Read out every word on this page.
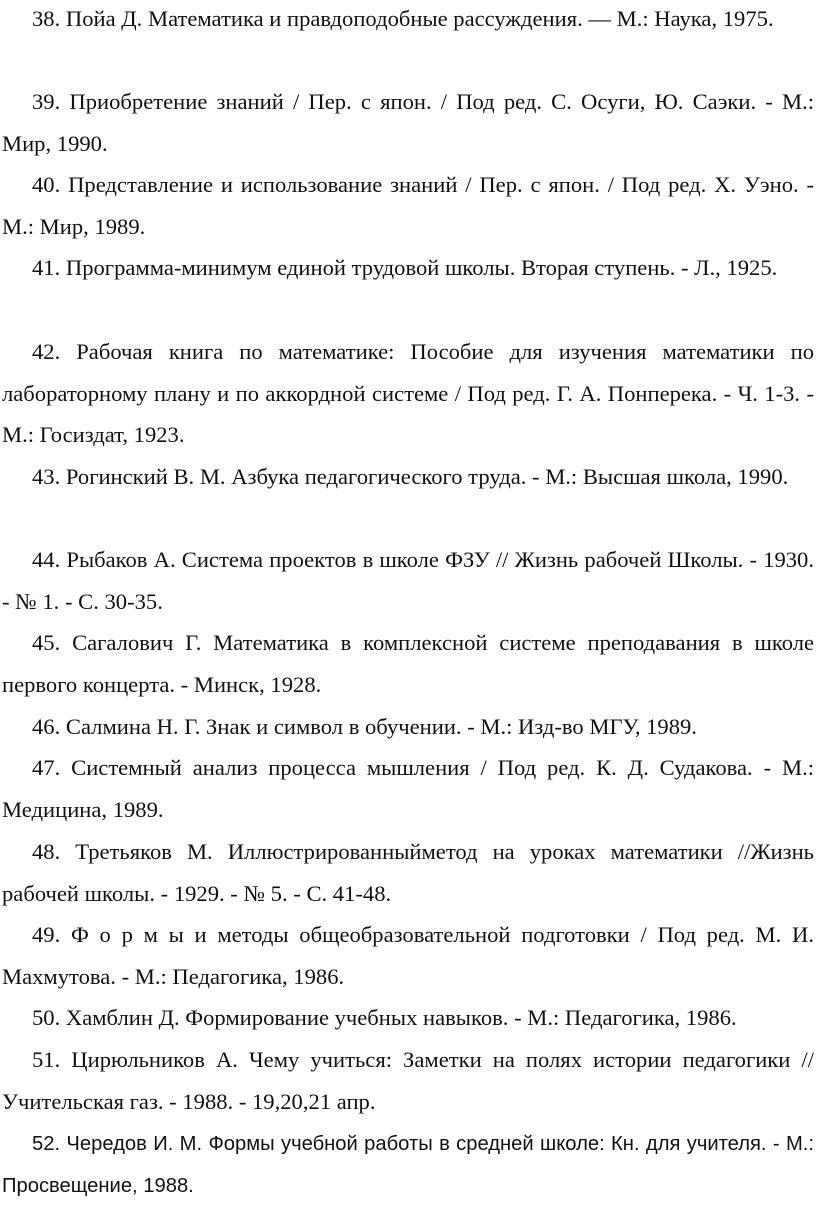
38. Пойа Д. Математика и правдоподобные рассуждения. — М.: Наука, 1975.

39. Приобретение знаний / Пер. с япон. / Под ред. С. Осуги, Ю. Саэки. - М.: Мир, 1990.

40. Представление и использование знаний / Пер. с япон. / Под ред. X. Уэно. - М.: Мир, 1989.

41. Программа-минимум единой трудовой школы. Вторая ступень. - Л., 1925.

42. Рабочая книга по математике: Пособие для изучения математики по лабораторному плану и по аккордной системе / Под ред. Г. А. Понперека. - Ч. 1-3. - М.: Госиздат, 1923.

43. Рогинский В. М. Азбука педагогического труда. - М.: Высшая школа, 1990.

44. Рыбаков А. Система проектов в школе ФЗУ // Жизнь рабочей Школы. - 1930. - № 1. - С. 30-35.

45. Сагалович Г. Математика в комплексной системе преподавания в школе первого концерта. - Минск, 1928.

46. Салмина Н. Г. Знак и символ в обучении. - М.: Изд-во МГУ, 1989.

47. Системный анализ процесса мышления / Под ред. К. Д. Судакова. - М.: Медицина, 1989.

48. Третьяков М. Иллюстрированныйметод на уроках математики //Жизнь рабочей школы. - 1929. - № 5. - С. 41-48.

49. Ф о р м ы и методы общеобразовательной подготовки / Под ред. М. И. Махмутова. - М.: Педагогика, 1986.

50. Хамблин Д. Формирование учебных навыков. - М.: Педагогика, 1986.

51. Цирюльников А. Чему учиться: Заметки на полях истории педагогики // Учительская газ. - 1988. - 19,20,21 апр.

52. Чередов И. М. Формы учебной работы в средней школе: Кн. для учителя. - М.: Просвещение, 1988.
